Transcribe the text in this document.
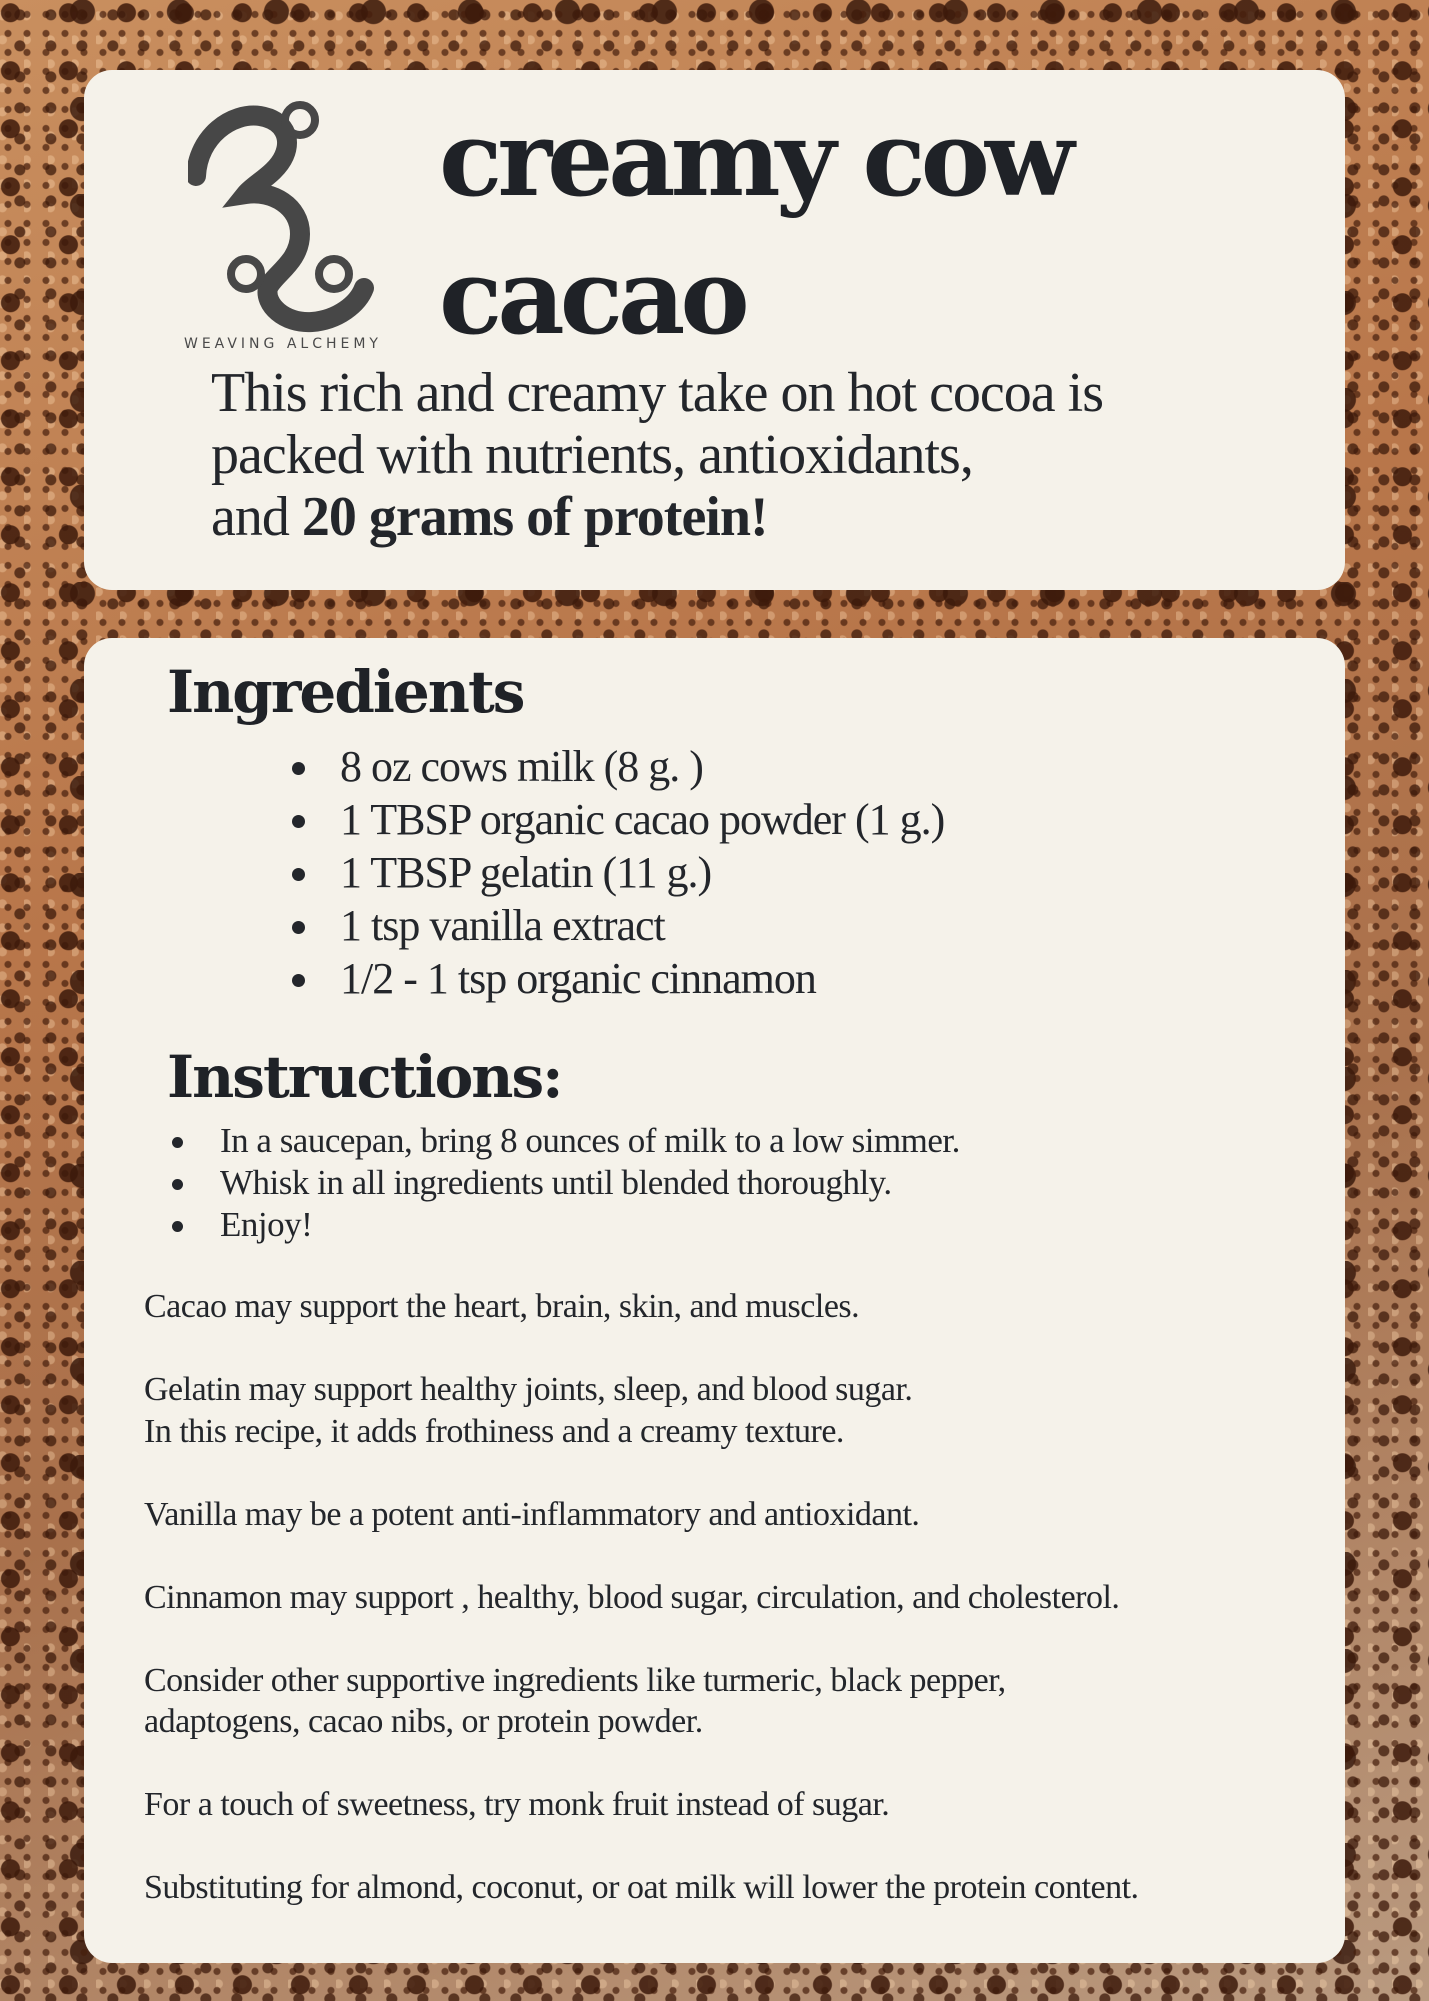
WEAVING ALCHEMY
creamy cow
cacao

This rich and creamy take on hot cocoa is
packed with nutrients, antioxidants,
and 20 grams of protein!

Ingredients
8 oz cows milk (8 g. )
1 TBSP organic cacao powder (1 g.)
1 TBSP gelatin (11 g.)
1 tsp vanilla extract
1/2 - 1 tsp organic cinnamon
Instructions:
In a saucepan, bring 8 ounces of milk to a low simmer.
Whisk in all ingredients until blended thoroughly.
Enjoy!

Cacao may support the heart, brain, skin, and muscles.

Gelatin may support healthy joints, sleep, and blood sugar.
In this recipe, it adds frothiness and a creamy texture.

Vanilla may be a potent anti-inflammatory and antioxidant.

Cinnamon may support , healthy, blood sugar, circulation, and cholesterol.

Consider other supportive ingredients like turmeric, black pepper,
adaptogens, cacao nibs, or protein powder.

For a touch of sweetness, try monk fruit instead of sugar.

Substituting for almond, coconut, or oat milk will lower the protein content.
